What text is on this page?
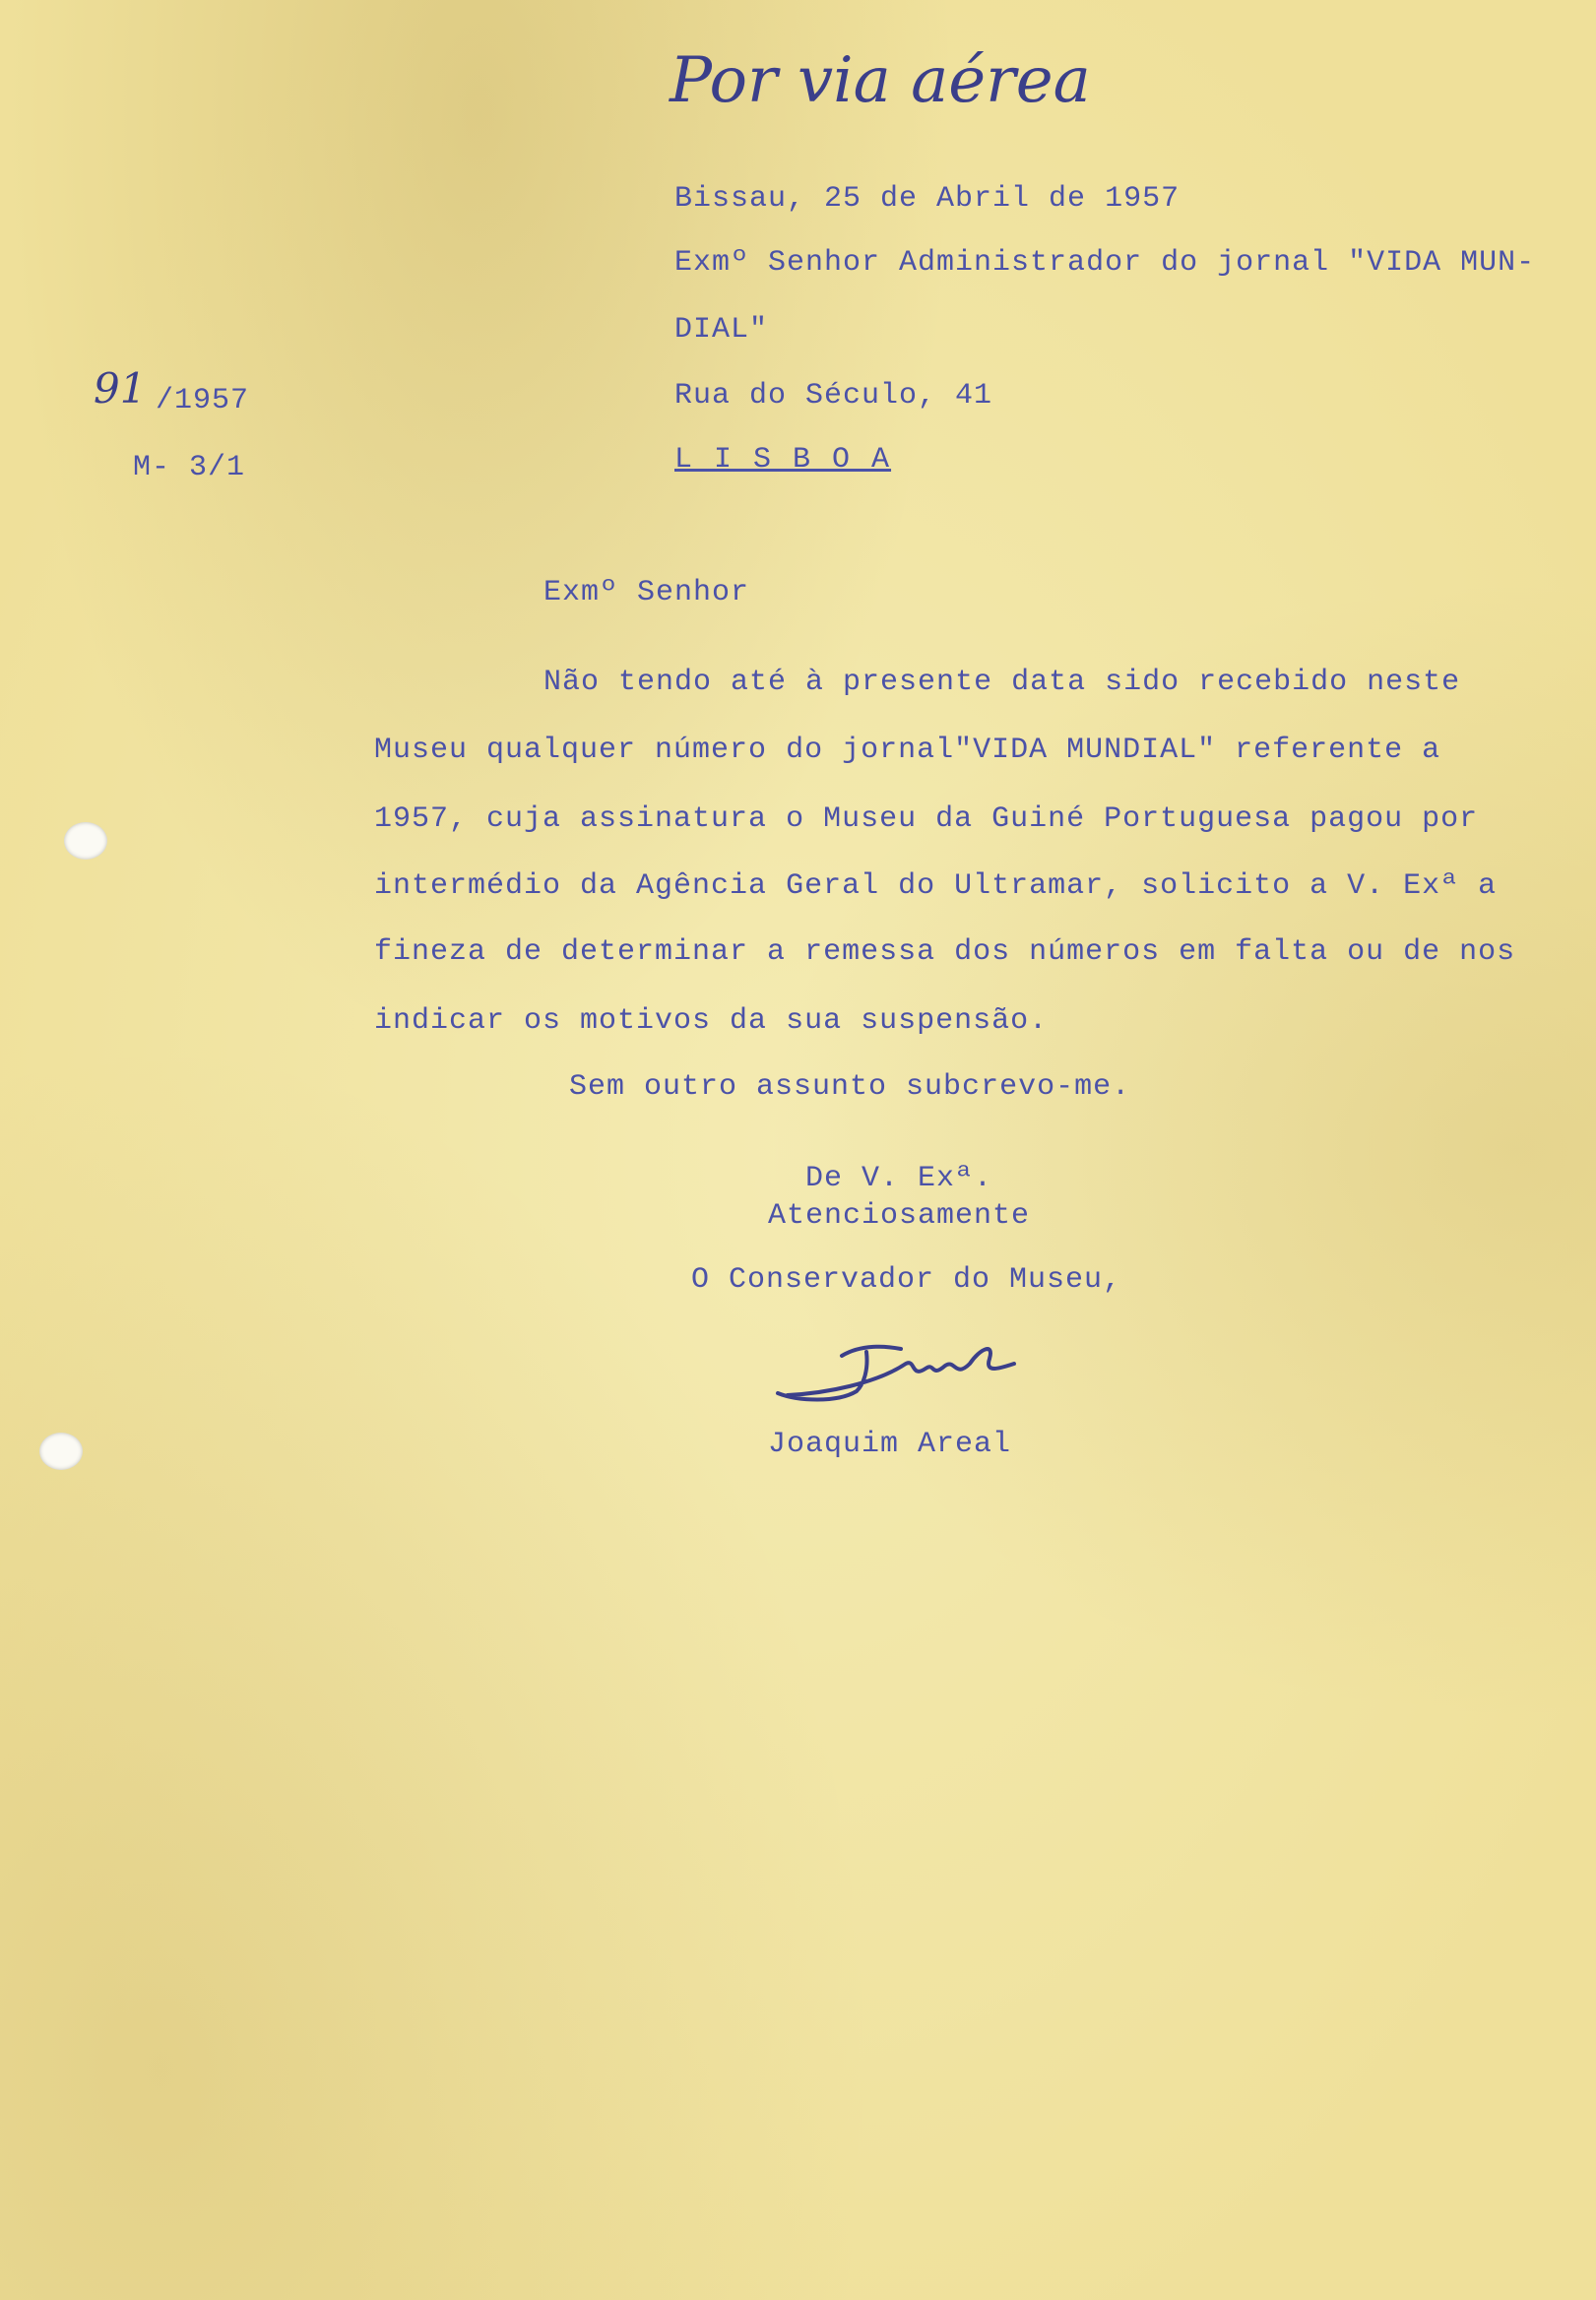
Por via aérea
Bissau, 25 de Abril de 1957
Exmº Senhor Administrador do jornal "VIDA MUN-
DIAL"
Rua do Século, 41
L I S B O A
91 /1957
M- 3/1
Exmº Senhor
Não tendo até à presente data sido recebido neste
Museu qualquer número do jornal"VIDA MUNDIAL" referente a
1957, cuja assinatura o Museu da Guiné Portuguesa pagou por
intermédio da Agência Geral do Ultramar, solicito a V. Exª a
fineza de determinar a remessa dos números em falta ou de nos
indicar os motivos da sua suspensão.
Sem outro assunto subcrevo-me.
De V. Exª.
Atenciosamente
O Conservador do Museu,
Joaquim Areal
